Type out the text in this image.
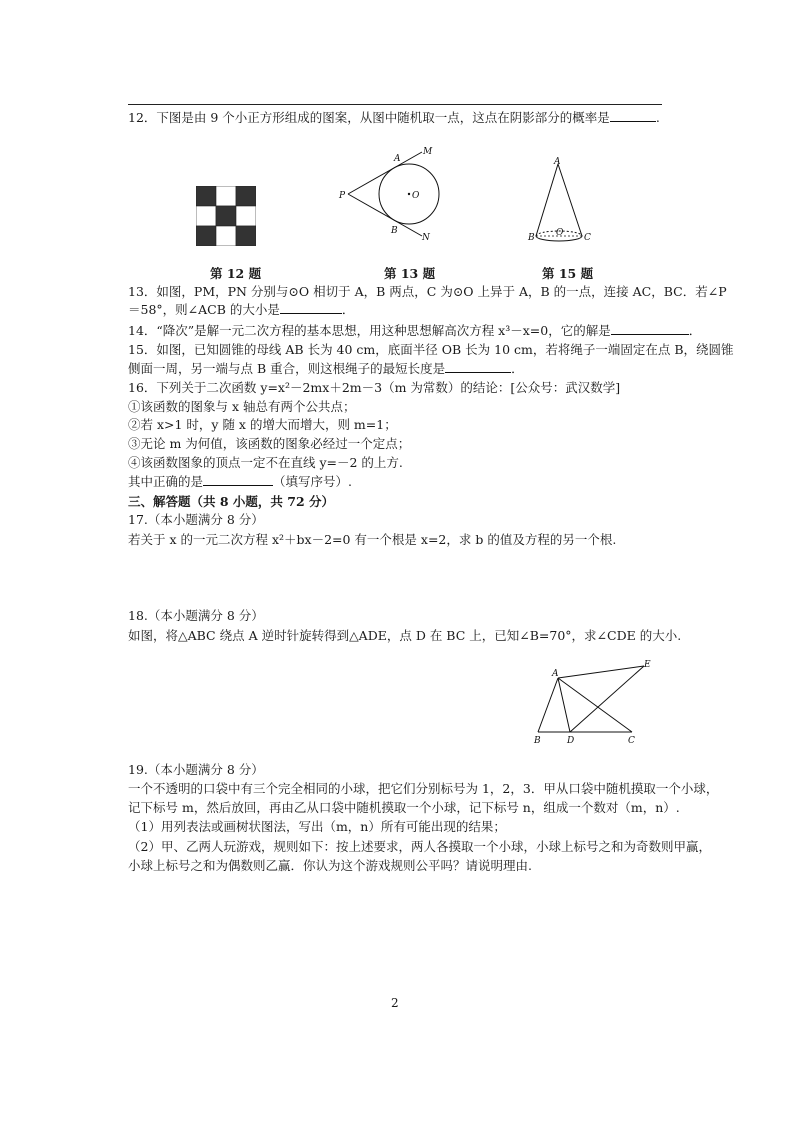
12．下图是由 9 个小正方形组成的图案，从图中随机取一点，这点在阴影部分的概率是	.
第 12 题
P
A
M
O
B
N
第 13 题
A
B O C
第 15 题
13．如图，PM，PN 分别与⊙O 相切于 A，B 两点，C 为⊙O 上异于 A，B 的一点，连接 AC，BC．若∠P
＝58°，则∠ACB 的大小是	．
14．“降次”是解一元二次方程的基本思想，用这种思想解高次方程 x³－x=0，它的解是	．
15．如图，已知圆锥的母线 AB 长为 40 cm，底面半径 OB 长为 10 cm，若将绳子一端固定在点 B，绕圆锥
侧面一周，另一端与点 B 重合，则这根绳子的最短长度是	．
16．下列关于二次函数 y=x²－2mx＋2m－3（m 为常数）的结论：[公众号：武汉数学]
①该函数的图象与 x 轴总有两个公共点；
②若 x>1 时，y 随 x 的增大而增大，则 m=1；
③无论 m 为何值，该函数的图象必经过一个定点；
④该函数图象的顶点一定不在直线 y=－2 的上方.
其中正确的是	（填写序号）.
三、解答题（共 8 小题，共 72 分）
17.（本小题满分 8 分）
若关于 x 的一元二次方程 x²＋bx－2=0 有一个根是 x=2，求 b 的值及方程的另一个根.
18.（本小题满分 8 分）
如图，将△ABC 绕点 A 逆时针旋转得到△ADE，点 D 在 BC 上，已知∠B=70°，求∠CDE 的大小.
A
E
B	D	C
19.（本小题满分 8 分）
一个不透明的口袋中有三个完全相同的小球，把它们分别标号为 1，2，3．甲从口袋中随机摸取一个小球，
记下标号 m，然后放回，再由乙从口袋中随机摸取一个小球，记下标号 n，组成一个数对（m，n）.
（1）用列表法或画树状图法，写出（m，n）所有可能出现的结果；
（2）甲、乙两人玩游戏，规则如下：按上述要求，两人各摸取一个小球，小球上标号之和为奇数则甲赢，
小球上标号之和为偶数则乙赢．你认为这个游戏规则公平吗？请说明理由.
2
